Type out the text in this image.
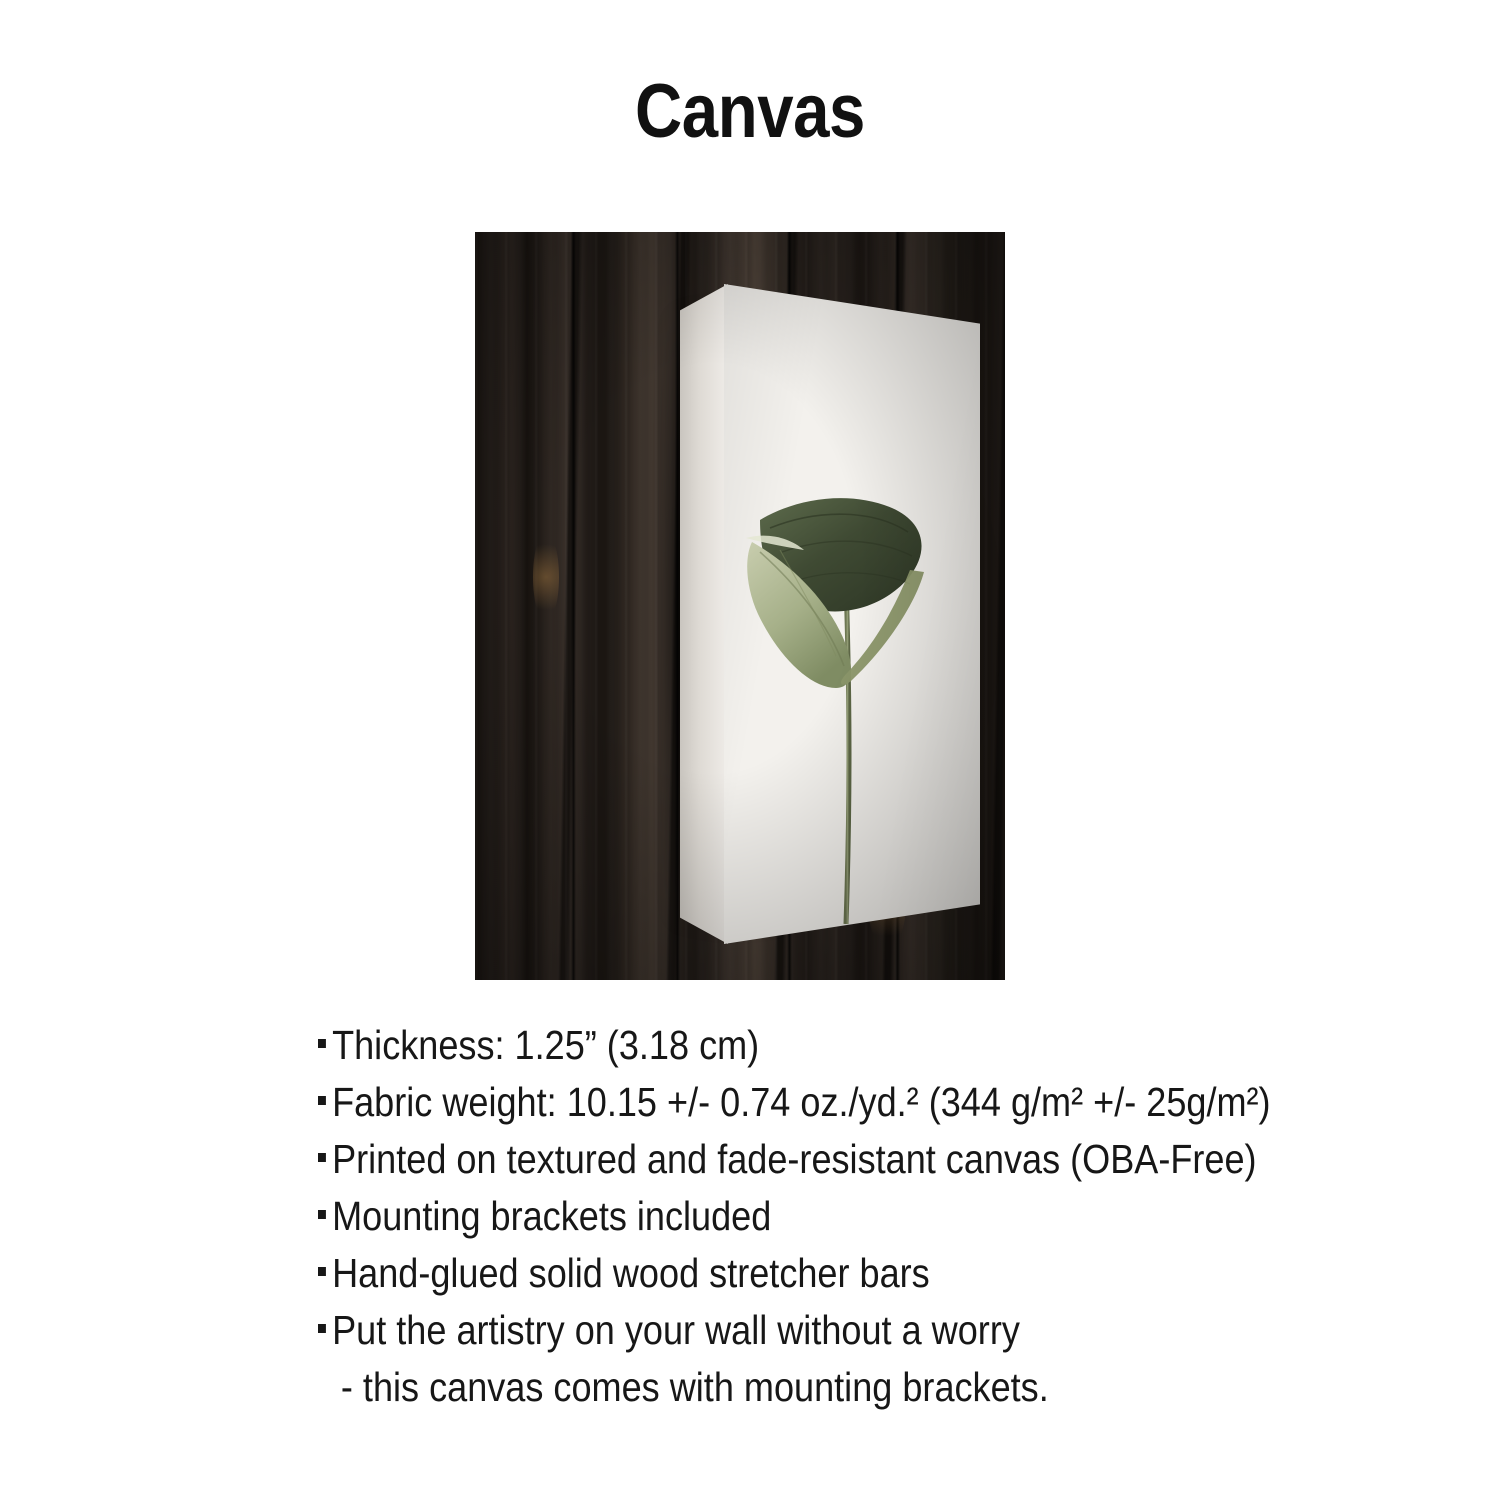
Canvas
Thickness: 1.25” (3.18 cm)
Fabric weight: 10.15 +/- 0.74 oz./yd.² (344 g/m² +/- 25g/m²)
Printed on textured and fade-resistant canvas (OBA-Free)
Mounting brackets included
Hand-glued solid wood stretcher bars
Put the artistry on your wall without a worry
- this canvas comes with mounting brackets.
